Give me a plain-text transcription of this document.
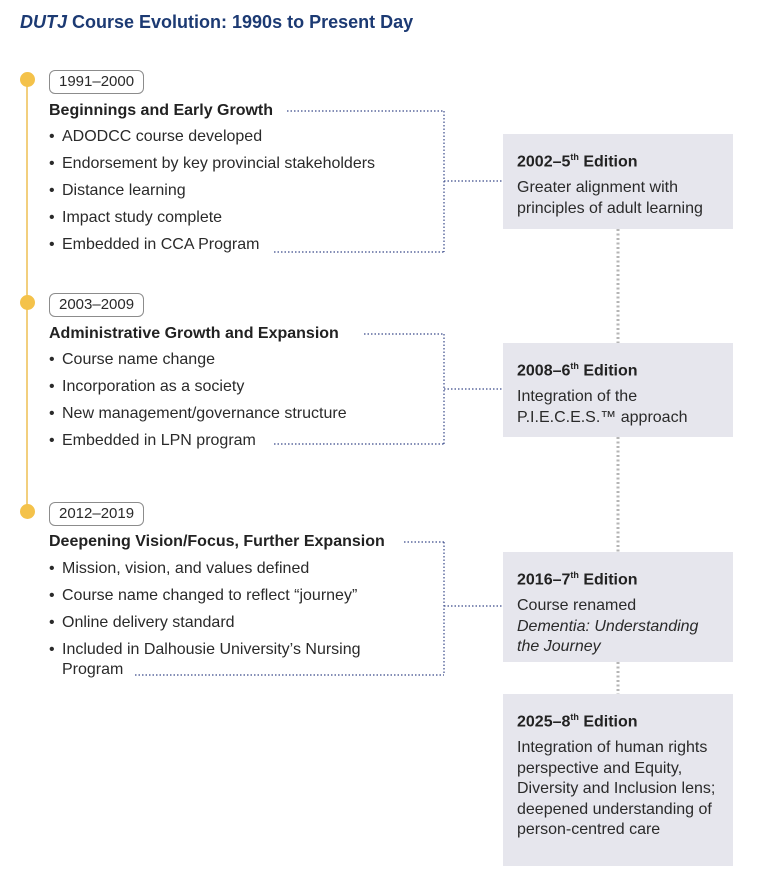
DUTJ Course Evolution: 1990s to Present Day
1991–2000
Beginnings and Early Growth
• ADODCC course developed
• Endorsement by key provincial stakeholders
• Distance learning
• Impact study complete
• Embedded in CCA Program
2003–2009
Administrative Growth and Expansion
• Course name change
• Incorporation as a society
• New management/governance structure
• Embedded in LPN program
2012–2019
Deepening Vision/Focus, Further Expansion
• Mission, vision, and values defined
• Course name changed to reflect “journey”
• Online delivery standard
• Included in Dalhousie University’s Nursing Program

2002–5th Edition

Greater alignment with principles of adult learning

2008–6th Edition

Integration of the P.I.E.C.E.S.™ approach

2016–7th Edition

Course renamed
Dementia: Understanding the Journey

2025–8th Edition

Integration of human rights perspective and Equity, Diversity and Inclusion lens; deepened understanding of person-centred care
